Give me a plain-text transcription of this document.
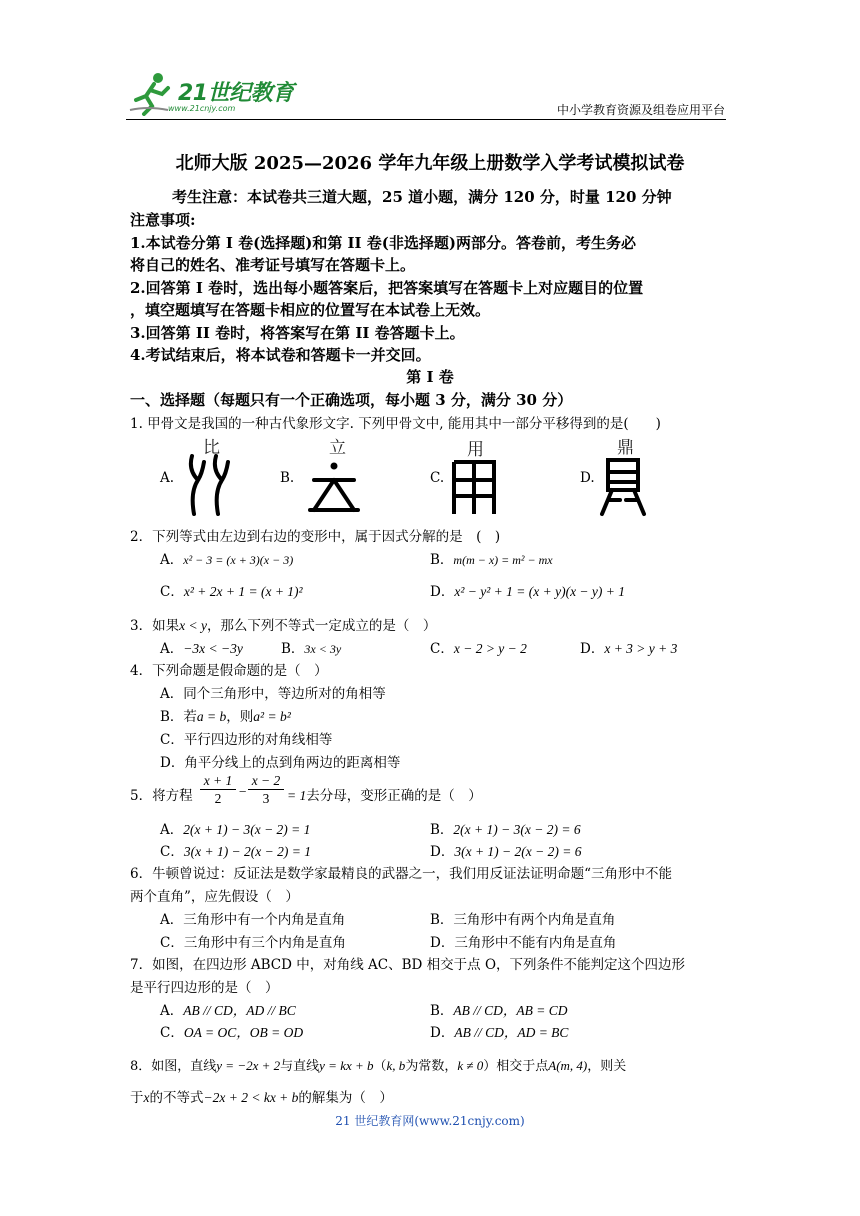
21世纪教育
www.21cnjy.com	中小学教育资源及组卷应用平台
北师大版 2025—2026 学年九年级上册数学入学考试模拟试卷
考生注意：本试卷共三道大题，25 道小题，满分 120 分，时量 120 分钟
注意事项:
1.本试卷分第 I 卷(选择题)和第 II 卷(非选择题)两部分。答卷前，考生务必
将自己的姓名、准考证号填写在答题卡上。
2.回答第 I 卷时，选出每小题答案后，把答案填写在答题卡上对应题目的位置
，填空题填写在答题卡相应的位置写在本试卷上无效。
3.回答第 II 卷时，将答案写在第 II 卷答题卡上。
4.考试结束后，将本试卷和答题卡一并交回。
第 I 卷
一、选择题（每题只有一个正确选项，每小题 3 分，满分 30 分）
1. 甲骨文是我国的一种古代象形文字. 下列甲骨文中, 能用其中一部分平移得到的是(　　)
比	立	用	鼎
A.	B.	C.	D.
2．下列等式由左边到右边的变形中，属于因式分解的是　(　)
A．x² − 3 = (x + 3)(x − 3)	B．m(m − x) = m² − mx
C．x² + 2x + 1 = (x + 1)²	D．x² − y² + 1 = (x + y)(x − y) + 1
3．如果x < y，那么下列不等式一定成立的是（　）
A．−3x < −3y	B．3x < 3y	C．x − 2 > y − 2	D．x + 3 > y + 3
4．下列命题是假命题的是（　）
A．同个三角形中，等边所对的角相等
B．若a = b，则a² = b²
C．平行四边形的对角线相等
D．角平分线上的点到角两边的距离相等
5．将方程 $\frac{x + 1}{2} - \frac{x - 2}{3} = 1$去分母，变形正确的是（　）
A．2(x + 1) − 3(x − 2) = 1	B．2(x + 1) − 3(x − 2) = 6
C．3(x + 1) − 2(x − 2) = 1	D．3(x + 1) − 2(x − 2) = 6
6．牛顿曾说过：反证法是数学家最精良的武器之一，我们用反证法证明命题“三角形中不能
两个直角”，应先假设（　）
A．三角形中有一个内角是直角	B．三角形中有两个内角是直角
C．三角形中有三个内角是直角	D．三角形中不能有内角是直角
7．如图，在四边形 ABCD 中，对角线 AC、BD 相交于点 O，下列条件不能判定这个四边形
是平行四边形的是（　）
A．AB // CD，AD // BC	B．AB // CD，AB = CD
C．OA = OC，OB = OD	D．AB // CD，AD = BC
8．如图，直线y = −2x + 2与直线y = kx + b（k, b为常数，k ≠ 0）相交于点A(m, 4)，则关
于x的不等式−2x + 2 < kx + b的解集为（　）
21 世纪教育网(www.21cnjy.com)
